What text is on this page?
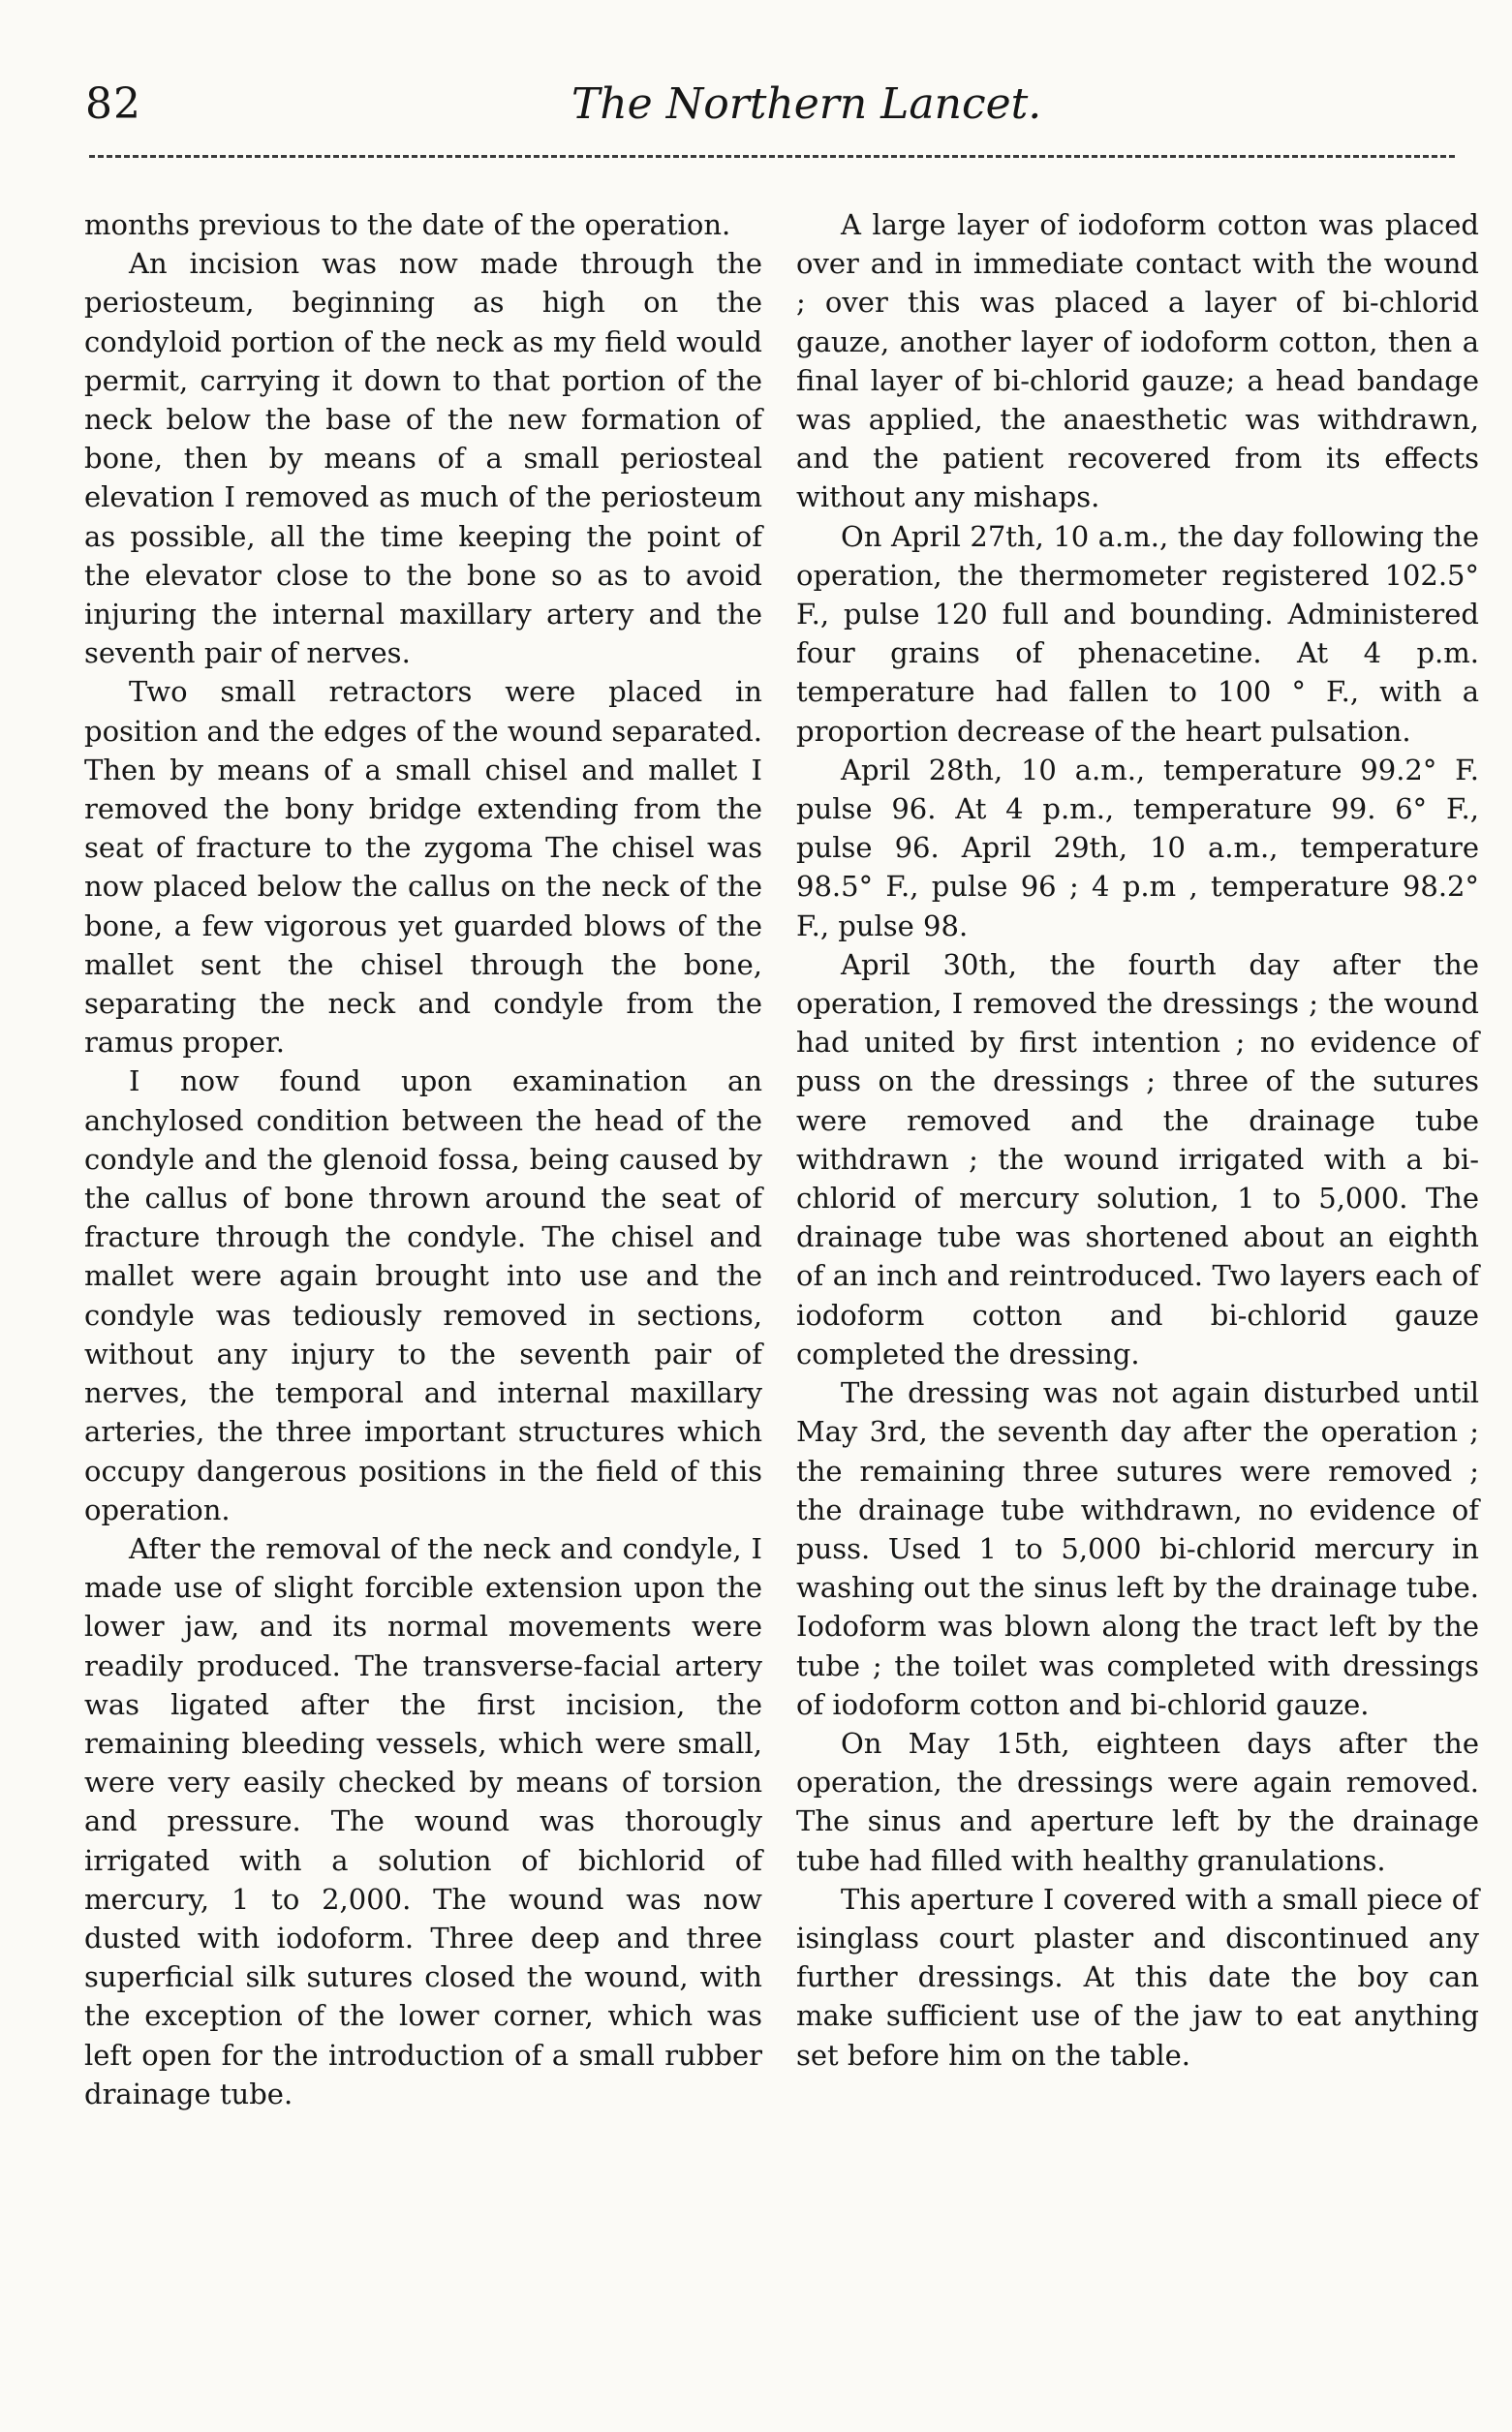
82	The Northern Lancet.

months previous to the date of the operation.

An incision was now made through the periosteum, beginning as high on the condyloid portion of the neck as my field would permit, carrying it down to that portion of the neck below the base of the new formation of bone, then by means of a small periosteal elevation I removed as much of the periosteum as possible, all the time keeping the point of the elevator close to the bone so as to avoid injuring the internal maxillary artery and the seventh pair of nerves.

Two small retractors were placed in position and the edges of the wound separated. Then by means of a small chisel and mallet I removed the bony bridge extending from the seat of fracture to the zygoma The chisel was now placed below the callus on the neck of the bone, a few vigorous yet guarded blows of the mallet sent the chisel through the bone, separating the neck and condyle from the ramus proper.

I now found upon examination an anchylosed condition between the head of the condyle and the glenoid fossa, being caused by the callus of bone thrown around the seat of fracture through the condyle. The chisel and mallet were again brought into use and the condyle was tediously removed in sections, without any injury to the seventh pair of nerves, the temporal and internal maxillary arteries, the three important structures which occupy dangerous positions in the field of this operation.

After the removal of the neck and condyle, I made use of slight forcible extension upon the lower jaw, and its normal movements were readily produced. The transverse-facial artery was ligated after the first incision, the remaining bleeding vessels, which were small, were very easily checked by means of torsion and pressure. The wound was thorougly irrigated with a solution of bichlorid of mercury, 1 to 2,000. The wound was now dusted with iodoform. Three deep and three superficial silk sutures closed the wound, with the exception of the lower corner, which was left open for the introduction of a small rubber drainage tube.

A large layer of iodoform cotton was placed over and in immediate contact with the wound ; over this was placed a layer of bi-chlorid gauze, another layer of iodoform cotton, then a final layer of bi-chlorid gauze; a head bandage was applied, the anaesthetic was withdrawn, and the patient recovered from its effects without any mishaps.

On April 27th, 10 a.m., the day following the operation, the thermometer registered 102.5° F., pulse 120 full and bounding. Administered four grains of phenacetine. At 4 p.m. temperature had fallen to 100 ° F., with a proportion decrease of the heart pulsation.

April 28th, 10 a.m., temperature 99.2° F. pulse 96. At 4 p.m., temperature 99. 6° F., pulse 96. April 29th, 10 a.m., temperature 98.5° F., pulse 96 ; 4 p.m , temperature 98.2° F., pulse 98.

April 30th, the fourth day after the operation, I removed the dressings ; the wound had united by first intention ; no evidence of puss on the dressings ; three of the sutures were removed and the drainage tube withdrawn ; the wound irrigated with a bi-chlorid of mercury solution, 1 to 5,000. The drainage tube was shortened about an eighth of an inch and reintroduced. Two layers each of iodoform cotton and bi-chlorid gauze completed the dressing.

The dressing was not again disturbed until May 3rd, the seventh day after the operation ; the remaining three sutures were removed ; the drainage tube withdrawn, no evidence of puss. Used 1 to 5,000 bi-chlorid mercury in washing out the sinus left by the drainage tube. Iodoform was blown along the tract left by the tube ; the toilet was completed with dressings of iodoform cotton and bi-chlorid gauze.

On May 15th, eighteen days after the operation, the dressings were again removed. The sinus and aperture left by the drainage tube had filled with healthy granulations.

This aperture I covered with a small piece of isinglass court plaster and discontinued any further dressings. At this date the boy can make sufficient use of the jaw to eat anything set before him on the table.
